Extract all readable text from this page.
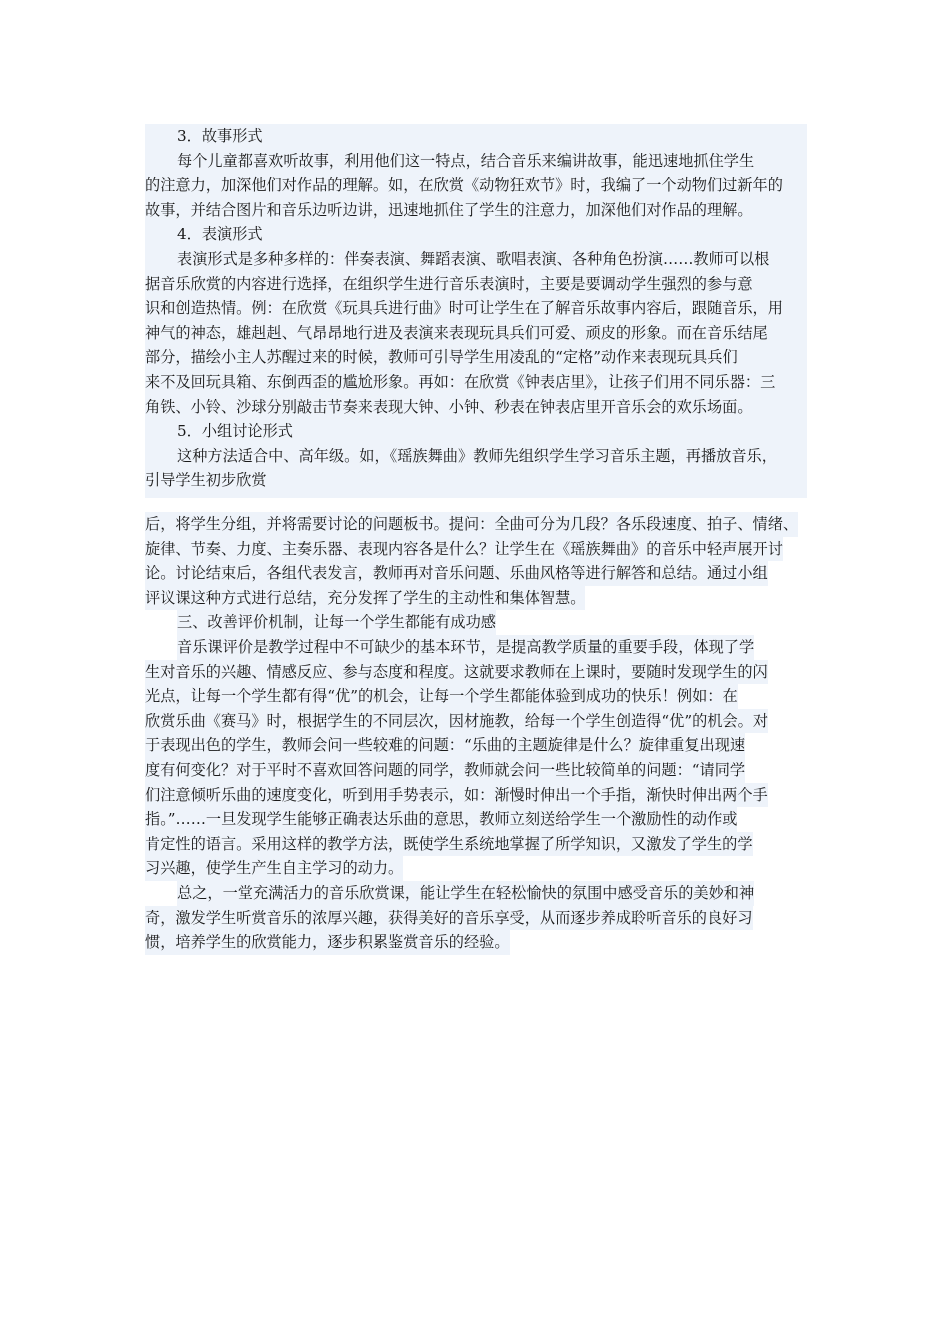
3．故事形式
每个儿童都喜欢听故事，利用他们这一特点，结合音乐来编讲故事，能迅速地抓住学生
的注意力，加深他们对作品的理解。如，在欣赏《动物狂欢节》时，我编了一个动物们过新年的
故事，并结合图片和音乐边听边讲，迅速地抓住了学生的注意力，加深他们对作品的理解。
4．表演形式
表演形式是多种多样的：伴奏表演、舞蹈表演、歌唱表演、各种角色扮演……教师可以根
据音乐欣赏的内容进行选择，在组织学生进行音乐表演时，主要是要调动学生强烈的参与意
识和创造热情。例：在欣赏《玩具兵进行曲》时可让学生在了解音乐故事内容后，跟随音乐，用
神气的神态，雄赳赳、气昂昂地行进及表演来表现玩具兵们可爱、顽皮的形象。而在音乐结尾
部分，描绘小主人苏醒过来的时候，教师可引导学生用凌乱的“定格”动作来表现玩具兵们
来不及回玩具箱、东倒西歪的尴尬形象。再如：在欣赏《钟表店里》，让孩子们用不同乐器：三
角铁、小铃、沙球分别敲击节奏来表现大钟、小钟、秒表在钟表店里开音乐会的欢乐场面。
5．小组讨论形式
这种方法适合中、高年级。如，《瑶族舞曲》教师先组织学生学习音乐主题，再播放音乐，
引导学生初步欣赏
后，将学生分组，并将需要讨论的问题板书。提问：全曲可分为几段？各乐段速度、拍子、情绪、
旋律、节奏、力度、主奏乐器、表现内容各是什么？让学生在《瑶族舞曲》的音乐中轻声展开讨
论。讨论结束后，各组代表发言，教师再对音乐问题、乐曲风格等进行解答和总结。通过小组
评议课这种方式进行总结，充分发挥了学生的主动性和集体智慧。
三、改善评价机制，让每一个学生都能有成功感
音乐课评价是教学过程中不可缺少的基本环节，是提高教学质量的重要手段，体现了学
生对音乐的兴趣、情感反应、参与态度和程度。这就要求教师在上课时，要随时发现学生的闪
光点，让每一个学生都有得“优”的机会，让每一个学生都能体验到成功的快乐！例如：在
欣赏乐曲《赛马》时，根据学生的不同层次，因材施教，给每一个学生创造得“优”的机会。对
于表现出色的学生，教师会问一些较难的问题：“乐曲的主题旋律是什么？旋律重复出现速
度有何变化？对于平时不喜欢回答问题的同学，教师就会问一些比较简单的问题：“请同学
们注意倾听乐曲的速度变化，听到用手势表示，如：渐慢时伸出一个手指，渐快时伸出两个手
指。”……一旦发现学生能够正确表达乐曲的意思，教师立刻送给学生一个激励性的动作或
肯定性的语言。采用这样的教学方法，既使学生系统地掌握了所学知识，又激发了学生的学
习兴趣，使学生产生自主学习的动力。
总之，一堂充满活力的音乐欣赏课，能让学生在轻松愉快的氛围中感受音乐的美妙和神
奇，激发学生听赏音乐的浓厚兴趣，获得美好的音乐享受，从而逐步养成聆听音乐的良好习
惯，培养学生的欣赏能力，逐步积累鉴赏音乐的经验。
